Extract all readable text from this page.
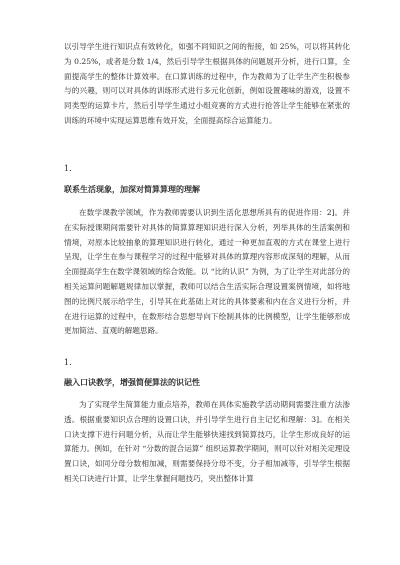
以引导学生进行知识点有效转化，如强不同知识之间的衔接，如 25%，可以将其转化为 0.25%，或者是分数 1/4，然后引导学生根据具体的问题展开分析，进行口算，全面提高学生的整体计算效率。在口算训练的过程中，作为教师为了让学生产生积极参与的兴趣，则可以对具体的训练形式进行多元化创新，例如设置趣味的游戏，设置不同类型的运算卡片，然后引导学生通过小组竞赛的方式进行抢答让学生能够在紧张的训练的环境中实现运算思维有效开发，全面提高综合运算能力。

1.

联系生活现象，加深对简算算理的理解

在数学课教学领域，作为教师需要认识到生活化思想所具有的促进作用：2]。并在实际授课期间需要针对具体的简算算理知识进行深入分析，列举具体的生活案例和情境，对原本比较抽象的算理知识进行转化，通过一种更加直观的方式在课堂上进行呈现，让学生在参与课程学习的过程中能够对具体的算理内容形成深刻的理解，从而全面提高学生在数学课领域的综合效能。以 “比的认识” 为例，为了让学生对此部分的相关运算问题解题规律加以掌握，教师可以结合生活实际合理设置案例情境，如将地图的比例尺展示给学生，引导其在此基础上对比的具体要素和内在含义进行分析，并在进行运算的过程中，在数形结合思想导向下绘制具体的比例模型，让学生能够形成更加简洁、直观的解题思路。

1.

融入口诀教学，增强简便算法的识记性

为了实现学生简算能力重点培养，教师在具体实施教学活动期间需要注重方法渗透。根据重要知识点合理的设置口诀，并引导学生进行自主记忆和理解：3]。在相关口诀支撑下进行问题分析，从而让学生能够快速找到简算技巧，让学生形成良好的运算能力。例如，在针对 “分数的混合运算” 组织运算教学期间，则可以针对相关定理设置口诀，如同分母分数相加减，则需要保持分母不变，分子相加减等，引导学生根据相关口诀进行计算，让学生掌握问题技巧，突出整体计算
